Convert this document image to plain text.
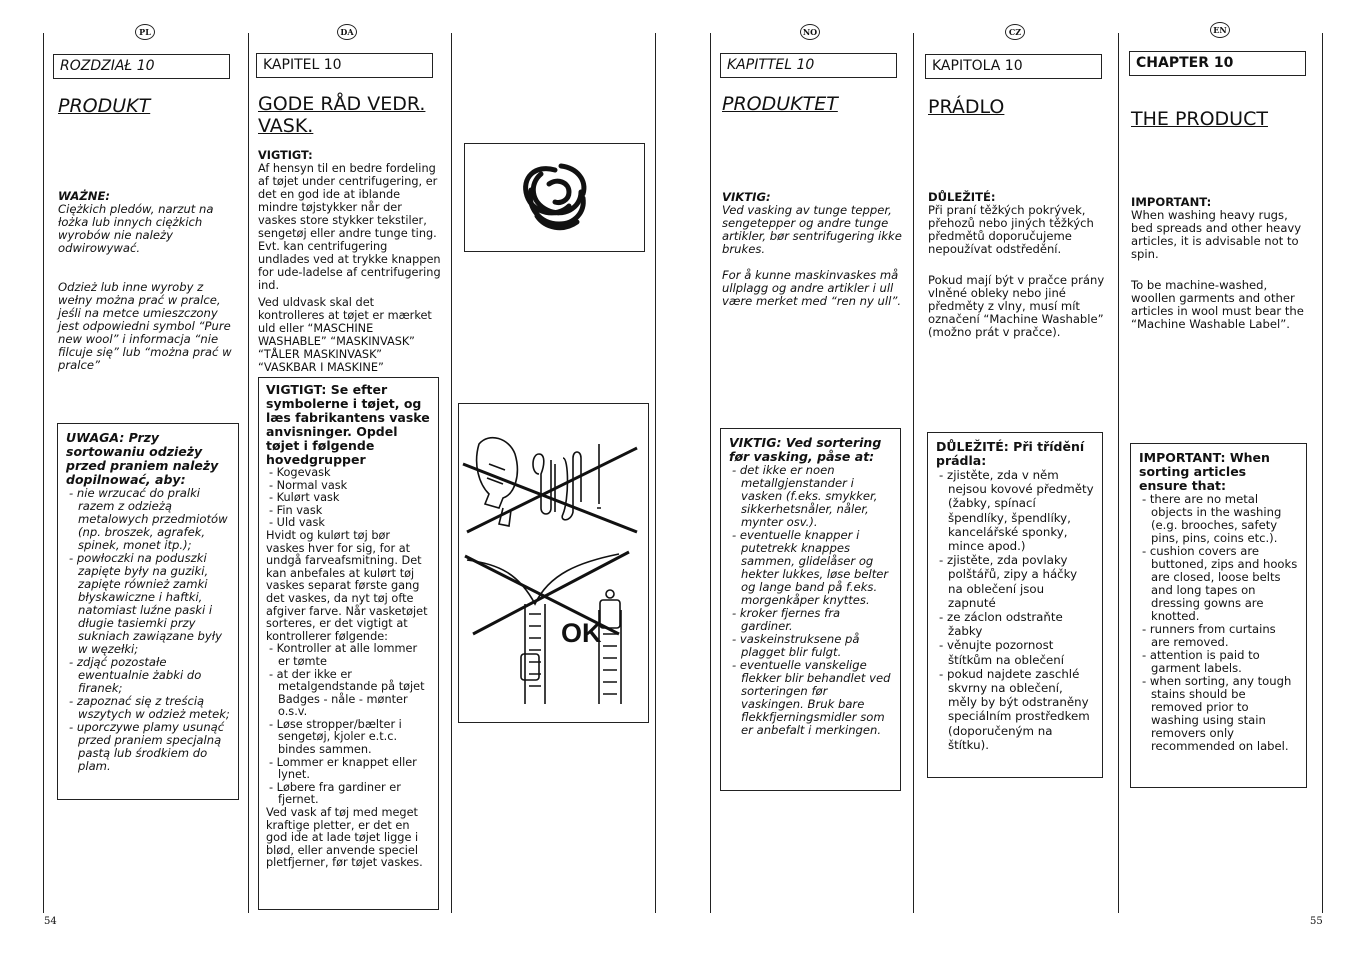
PL	DA	NO	CZ	EN
ROZDZIAŁ 10
PRODUKT
WAŻNE:

Ciężkich pledów, narzut na łożka lub innych ciężkich wyrobów nie należy odwirowywać.

Odzież lub inne wyroby z wełny można prać w pralce, jeśli na metce umieszczony jest odpowiedni symbol “Pure new wool” i informacja “nie filcuje się” lub “można prać w pralce”

UWAGA: Przy sortowaniu odzieży przed praniem należy dopilnować, aby:
- nie wrzucać do pralki razem z odzieżą metalowych przedmiotów (np. broszek, agrafek, spinek, monet itp.);
- powłoczki na poduszki zapięte były na guziki, zapięte również zamki błyskawiczne i haftki, natomiast luźne paski i długie tasiemki przy sukniach zawiązane były w węzełki;
- zdjąć pozostałe ewentualnie żabki do firanek;
- zapoznać się z treścią wszytych w odzież metek;
- uporczywe plamy usunąć przed praniem specjalną pastą lub środkiem do plam.
KAPITEL 10
GODE RÅD VEDR. VASK.
VIGTIGT:

Af hensyn til en bedre fordeling af tøjet under centrifugering, er det en god ide at iblande mindre tøjstykker når der vaskes store stykker tekstiler, sengetøj eller andre tunge ting. Evt. kan centrifugering undlades ved at trykke knappen for ude-ladelse af centrifugering ind.

Ved uldvask skal det kontrolleres at tøjet er mærket uld eller “MASCHINE WASHABLE” “MASKINVASK” “TÅLER MASKINVASK” “VASKBAR I MASKINE”

VIGTIGT: Se efter symbolerne i tøjet, og læs fabrikantens vaske anvisninger. Opdel tøjet i følgende hovedgrupper
- Kogevask
- Normal vask
- Kulørt vask
- Fin vask
- Uld vask
Hvidt og kulørt tøj bør vaskes hver for sig, for at undgå farveafsmitning. Det kan anbefales at kulørt tøj vaskes separat første gang det vaskes, da nyt tøj ofte afgiver farve. Når vasketøjet sorteres, er det vigtigt at kontrollerer følgende:
- Kontroller at alle lommer er tømte
- at der ikke er metalgendstande på tøjet Badges - nåle - mønter o.s.v.
- Løse stropper/bælter i sengetøj, kjoler e.t.c. bindes sammen.
- Lommer er knappet eller lynet.
- Løbere fra gardiner er fjernet.
Ved vask af tøj med meget kraftige pletter, er det en god ide at lade tøjet ligge i blød, eller anvende speciel pletfjerner, før tøjet vaskes.
OK
KAPITTEL 10
PRODUKTET
VIKTIG:

Ved vasking av tunge tepper, sengetepper og andre tunge artikler, bør sentrifugering ikke brukes.

For å kunne maskinvaskes må ullplagg og andre artikler i ull være merket med “ren ny ull”.

VIKTIG: Ved sortering før vasking, påse at:
- det ikke er noen metallgjenstander i vasken (f.eks. smykker, sikkerhetsnåler, nåler, mynter osv.).
- eventuelle knapper i putetrekk knappes sammen, glidelåser og hekter lukkes, løse belter og lange band på f.eks. morgenkåper knyttes.
- kroker fjernes fra gardiner.
- vaskeinstruksene på plagget blir fulgt.
- eventuelle vanskelige flekker blir behandlet ved sorteringen før vaskingen. Bruk bare flekkfjerningsmidler som er anbefalt i merkingen.
KAPITOLA 10
PRÁDLO
DŮLEŽITÉ:

Při praní těžkých pokrývek, přehozů nebo jiných těžkých předmětů doporučujeme nepoužívat odstředění.

Pokud mají být v pračce prány vlněné obleky nebo jiné předměty z vlny, musí mít označení “Machine Washable” (možno prát v pračce).

DŮLEŽITÉ: Při třídění prádla:
- zjistěte, zda v něm nejsou kovové předměty (žabky, spínací špendlíky, špendlíky, kancelářské sponky, mince apod.)
- zjistěte, zda povlaky polštářů, zipy a háčky na oblečení jsou zapnuté
- ze záclon odstraňte žabky
- věnujte pozornost štítkům na oblečení
- pokud najdete zaschlé skvrny na oblečení, měly by být odstraněny speciálním prostředkem (doporučeným na štítku).
CHAPTER 10
THE PRODUCT
IMPORTANT:

When washing heavy rugs, bed spreads and other heavy articles, it is advisable not to spin.

To be machine-washed, woollen garments and other articles in wool must bear the “Machine Washable Label”.

IMPORTANT: When sorting articles ensure that:
- there are no metal objects in the washing (e.g. brooches, safety pins, pins, coins etc.).
- cushion covers are buttoned, zips and hooks are closed, loose belts and long tapes on dressing gowns are knotted.
- runners from curtains are removed.
- attention is paid to garment labels.
- when sorting, any tough stains should be removed prior to washing using stain removers only recommended on label.
54	55
